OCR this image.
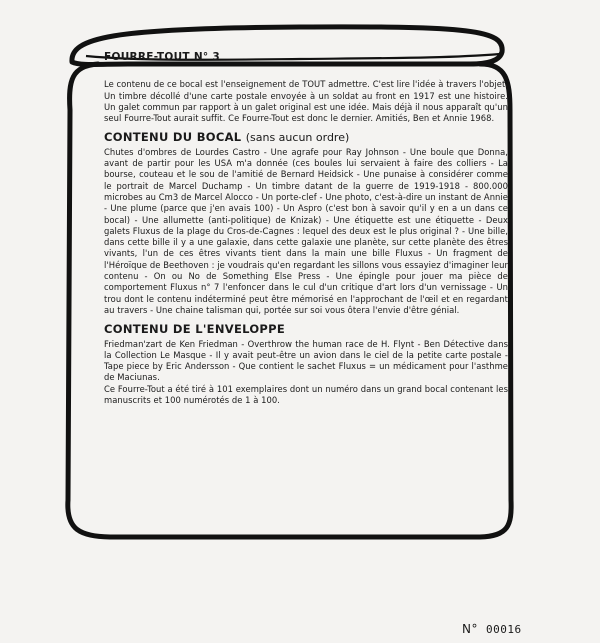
FOURRE-TOUT N° 3

Le contenu de ce bocal est l'enseignement de TOUT admettre. C'est lire l'idée à travers l'objet. Un timbre décollé d'une carte postale envoyée à un soldat au front en 1917 est une histoire. Un galet commun par rapport à un galet original est une idée. Mais déjà il nous apparaît qu'un seul Fourre-Tout aurait suffit. Ce Fourre-Tout est donc le dernier. Amitiés, Ben et Annie 1968.

CONTENU DU BOCAL (sans aucun ordre)

Chutes d'ombres de Lourdes Castro - Une agrafe pour Ray Johnson - Une boule que Donna, avant de partir pour les USA m'a donnée (ces boules lui servaient à faire des colliers - La bourse, couteau et le sou de l'amitié de Bernard Heidsick - Une punaise à considérer comme le portrait de Marcel Duchamp - Un timbre datant de la guerre de 1919-1918 - 800.000 microbes au Cm3 de Marcel Alocco - Un porte-clef - Une photo, c'est-à-dire un instant de Annie - Une plume (parce que j'en avais 100) - Un Aspro (c'est bon à savoir qu'il y en a un dans ce bocal) - Une allumette (anti-politique) de Knizak) - Une étiquette est une étiquette - Deux galets Fluxus de la plage du Cros-de-Cagnes : lequel des deux est le plus original ? - Une bille, dans cette bille il y a une galaxie, dans cette galaxie une planète, sur cette planète des êtres vivants, l'un de ces êtres vivants tient dans la main une bille Fluxus - Un fragment de l'Héroïque de Beethoven : je voudrais qu'en regardant les sillons vous essayiez d'imaginer leur contenu - On ou No de Something Else Press - Une épingle pour jouer ma pièce de comportement Fluxus n° 7 l'enfoncer dans le cul d'un critique d'art lors d'un vernissage - Un trou dont le contenu indéterminé peut être mémorisé en l'approchant de l'œil et en regardant au travers - Une chaine talisman qui, portée sur soi vous ôtera l'envie d'être génial.

CONTENU DE L'ENVELOPPE

Friedman'zart de Ken Friedman - Overthrow the human race de H. Flynt - Ben Détective dans la Collection Le Masque - Il y avait peut-être un avion dans le ciel de la petite carte postale - Tape piece by Eric Andersson - Que contient le sachet Fluxus = un médicament pour l'asthme de Maciunas.

Ce Fourre-Tout a été tiré à 101 exemplaires dont un numéro dans un grand bocal contenant les manuscrits et 100 numérotés de 1 à 100.

N° 00016
